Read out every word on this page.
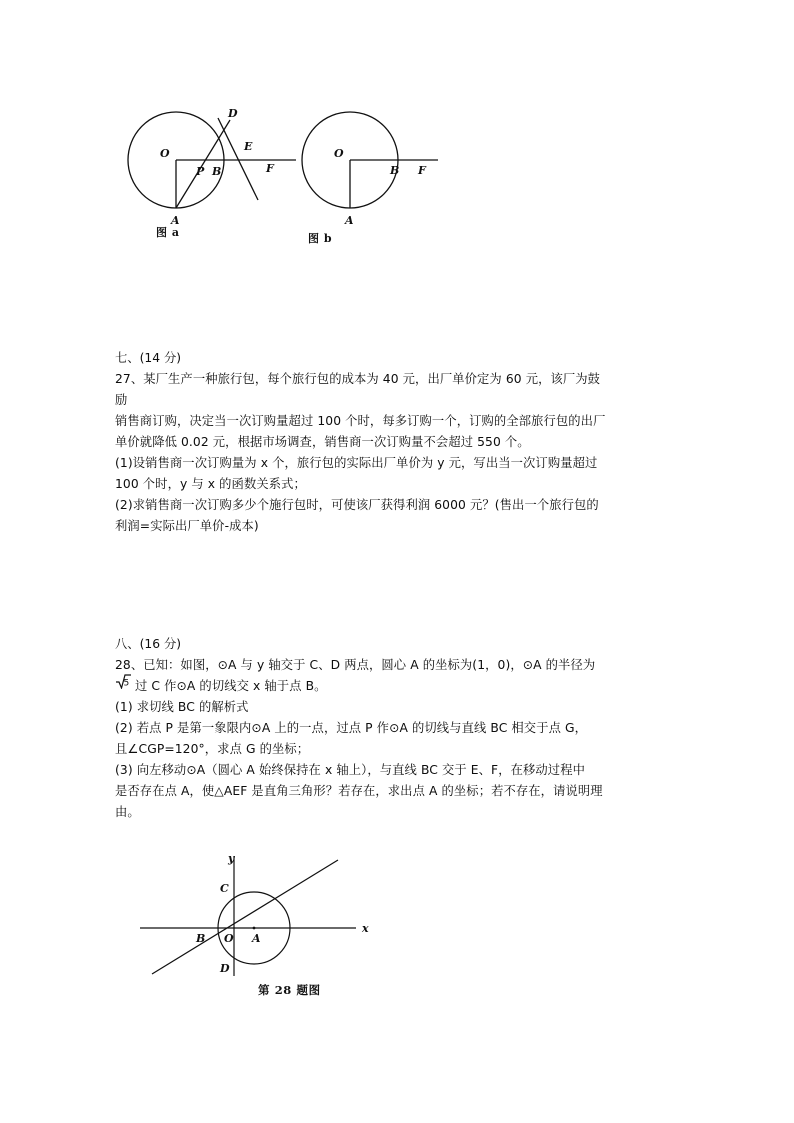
O
P B
D
E
F
A
O
B F
A
图 a	图 b
七、(14 分)
27、某厂生产一种旅行包，每个旅行包的成本为 40 元，出厂单价定为 60 元，该厂为鼓
励
销售商订购，决定当一次订购量超过 100 个时，每多订购一个，订购的全部旅行包的出厂
单价就降低 0.02 元，根据市场调查，销售商一次订购量不会超过 550 个。
(1)设销售商一次订购量为 x 个，旅行包的实际出厂单价为 y 元，写出当一次订购量超过
100 个时，y 与 x 的函数关系式；
(2)求销售商一次订购多少个施行包时，可使该厂获得利润 6000 元？(售出一个旅行包的
利润=实际出厂单价-成本)
八、(16 分)
28、已知：如图，⊙A 与 y 轴交于 C、D 两点，圆心 A 的坐标为(1，0)，⊙A 的半径为
5 过 C 作⊙A 的切线交 x 轴于点 B。
(1) 求切线 BC 的解析式
(2) 若点 P 是第一象限内⊙A 上的一点，过点 P 作⊙A 的切线与直线 BC 相交于点 G，
且∠CGP=120°，求点 G 的坐标；
(3) 向左移动⊙A（圆心 A 始终保持在 x 轴上），与直线 BC 交于 E、F，在移动过程中
是否存在点 A，使△AEF 是直角三角形？若存在，求出点 A 的坐标；若不存在，请说明理
由。
y
x
C
D
B O A
第 28 题图
